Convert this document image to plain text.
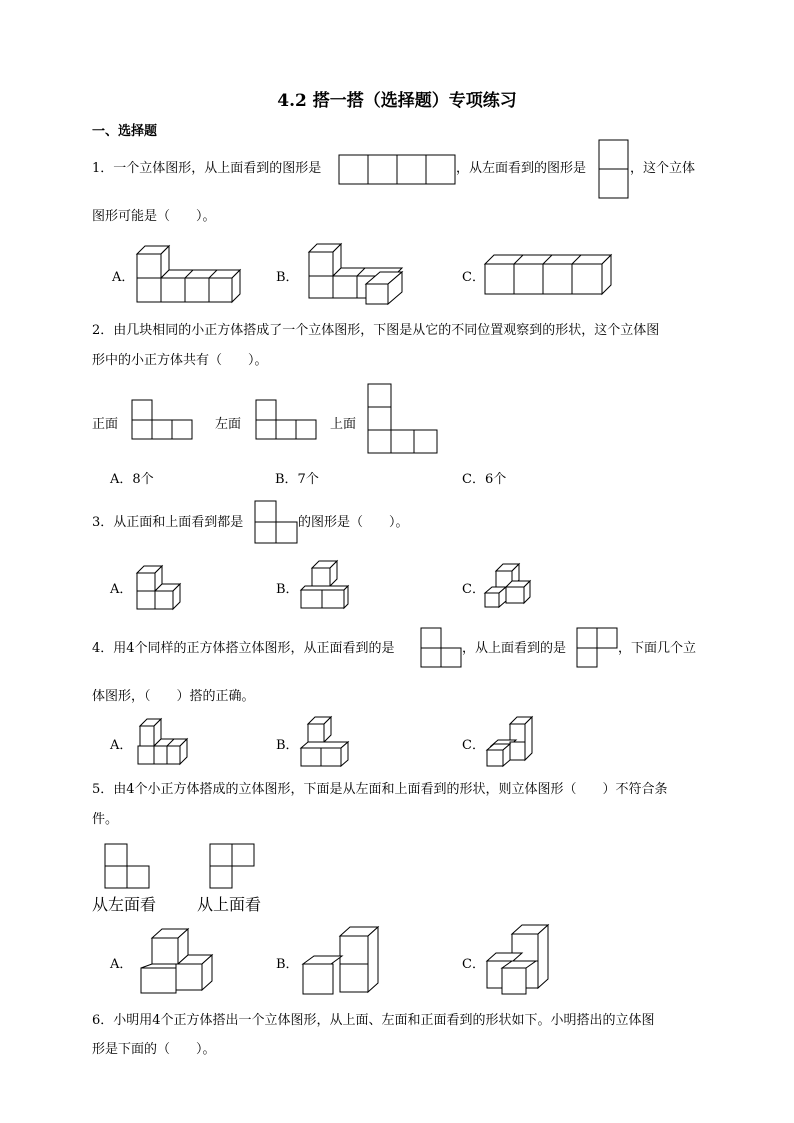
4.2 搭一搭（选择题）专项练习
一、选择题
1．一个立体图形，从上面看到的图形是	，从左面看到的图形是	，这个立体
图形可能是（　　）。
A．	B．	C．
2．由几块相同的小正方体搭成了一个立体图形，下图是从它的不同位置观察到的形状，这个立体图
形中的小正方体共有（　　）。
正面	左面	上面
A．8个	B．7个	C．6个
3．从正面和上面看到都是	的图形是（　　）。
A．	B．	C．
4．用4个同样的正方体搭立体图形，从正面看到的是	，从上面看到的是	，下面几个立
体图形，（　　）搭的正确。
A．	B．	C．
5．由4个小正方体搭成的立体图形，下面是从左面和上面看到的形状，则立体图形（　　）不符合条
件。
从左面看	从上面看
A．	B．	C．
6．小明用4个正方体搭出一个立体图形，从上面、左面和正面看到的形状如下。小明搭出的立体图
形是下面的（　　）。
